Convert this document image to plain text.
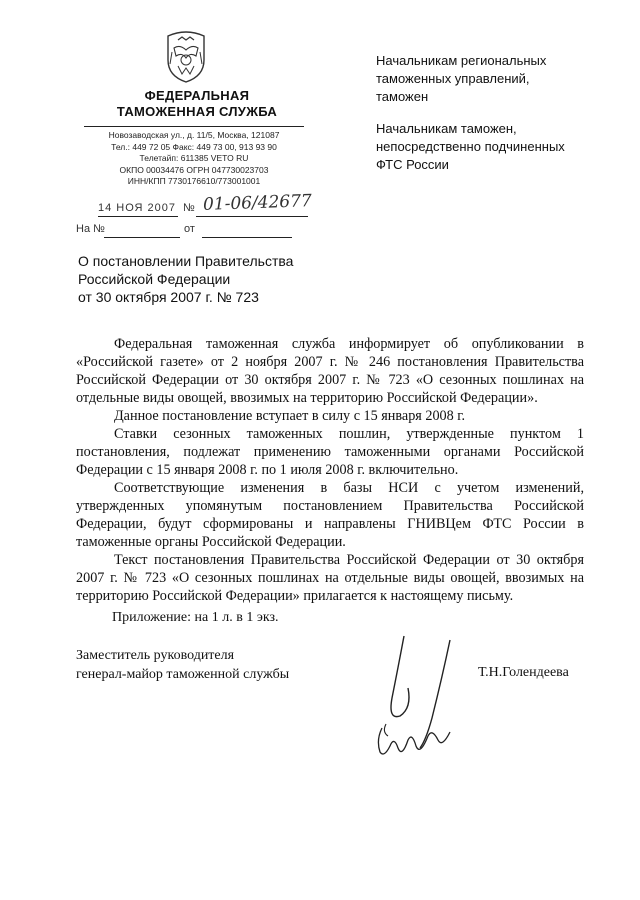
ФЕДЕРАЛЬНАЯ
ТАМОЖЕННАЯ СЛУЖБА
Новозаводская ул., д. 11/5, Москва, 121087
Тел.: 449 72 05 Факс: 449 73 00, 913 93 90
Телетайп: 611385 VETO RU
ОКПО 00034476 ОГРН 047730023703
ИНН/КПП 7730176610/773001001
14 НОЯ 2007 № 01-06/42677
На №	от
Начальникам региональных
таможенных управлений,
таможен
Начальникам таможен,
непосредственно подчиненных
ФТС России
О постановлении Правительства
Российской Федерации
от 30 октября 2007 г. № 723

Федеральная таможенная служба информирует об опубликовании в «Российской газете» от 2 ноября 2007 г. № 246 постановления Правительства Российской Федерации от 30 октября 2007 г. № 723 «О сезонных пошлинах на отдельные виды овощей, ввозимых на территорию Российской Федерации».

Данное постановление вступает в силу с 15 января 2008 г.

Ставки сезонных таможенных пошлин, утвержденные пунктом 1 постановления, подлежат применению таможенными органами Российской Федерации с 15 января 2008 г. по 1 июля 2008 г. включительно.

Соответствующие изменения в базы НСИ с учетом изменений, утвержденных упомянутым постановлением Правительства Российской Федерации, будут сформированы и направлены ГНИВЦем ФТС России в таможенные органы Российской Федерации.

Текст постановления Правительства Российской Федерации от 30 октября 2007 г. № 723 «О сезонных пошлинах на отдельные виды овощей, ввозимых на территорию Российской Федерации» прилагается к настоящему письму.

Приложение: на 1 л. в 1 экз.
Заместитель руководителя
генерал-майор таможенной службы	Т.Н.Голендеева
